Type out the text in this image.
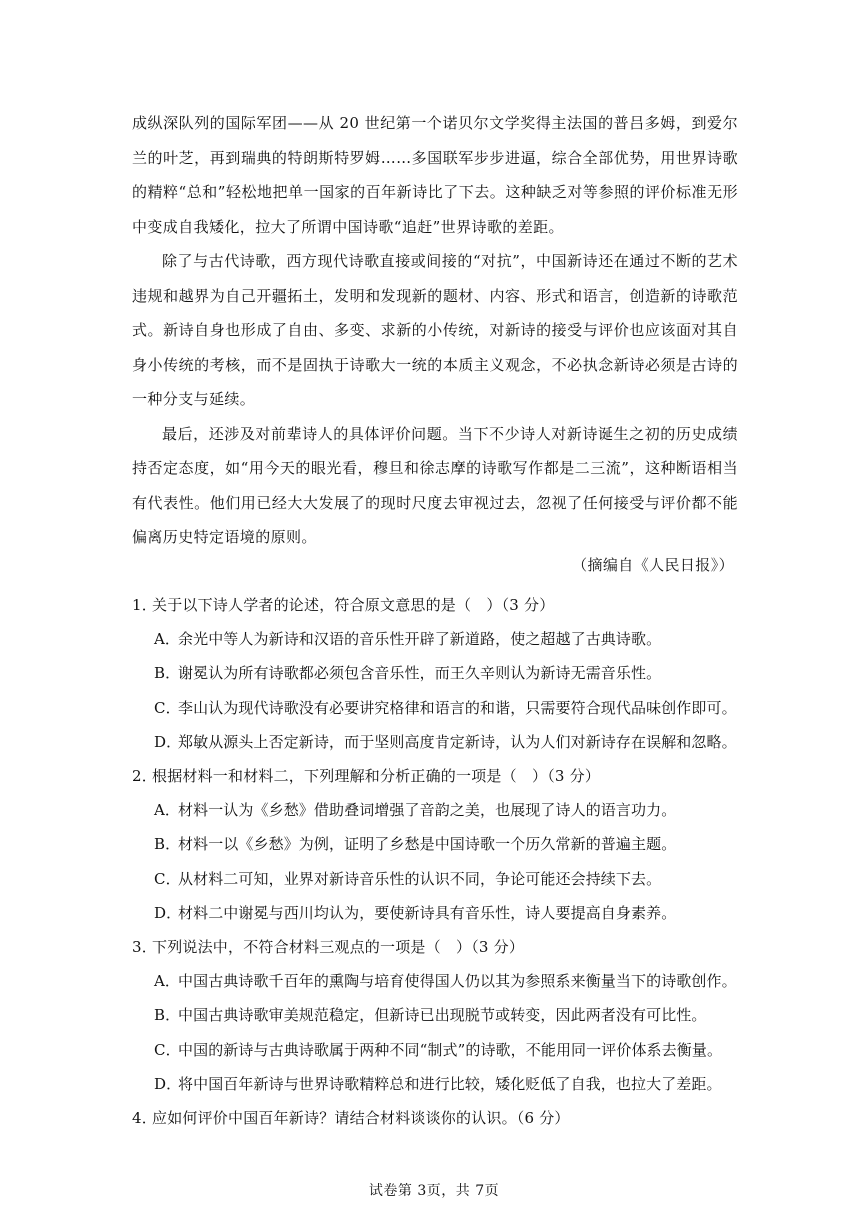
成纵深队列的国际军团——从 20 世纪第一个诺贝尔文学奖得主法国的普吕多姆，到爱尔兰的叶芝，再到瑞典的特朗斯特罗姆……多国联军步步进逼，综合全部优势，用世界诗歌的精粹“总和”轻松地把单一国家的百年新诗比了下去。这种缺乏对等参照的评价标准无形中变成自我矮化，拉大了所谓中国诗歌“追赶”世界诗歌的差距。

除了与古代诗歌，西方现代诗歌直接或间接的“对抗”，中国新诗还在通过不断的艺术违规和越界为自己开疆拓土，发明和发现新的题材、内容、形式和语言，创造新的诗歌范式。新诗自身也形成了自由、多变、求新的小传统，对新诗的接受与评价也应该面对其自身小传统的考核，而不是固执于诗歌大一统的本质主义观念，不必执念新诗必须是古诗的一种分支与延续。

最后，还涉及对前辈诗人的具体评价问题。当下不少诗人对新诗诞生之初的历史成绩持否定态度，如“用今天的眼光看，穆旦和徐志摩的诗歌写作都是二三流”，这种断语相当有代表性。他们用已经大大发展了的现时尺度去审视过去，忽视了任何接受与评价都不能偏离历史特定语境的原则。

（摘编自《人民日报》）

1．关于以下诗人学者的论述，符合原文意思的是（　）（3 分）

A．余光中等人为新诗和汉语的音乐性开辟了新道路，使之超越了古典诗歌。

B．谢冕认为所有诗歌都必须包含音乐性，而王久辛则认为新诗无需音乐性。

C．李山认为现代诗歌没有必要讲究格律和语言的和谐，只需要符合现代品味创作即可。

D．郑敏从源头上否定新诗，而于坚则高度肯定新诗，认为人们对新诗存在误解和忽略。

2．根据材料一和材料二，下列理解和分析正确的一项是（　）（3 分）

A．材料一认为《乡愁》借助叠词增强了音韵之美，也展现了诗人的语言功力。

B．材料一以《乡愁》为例，证明了乡愁是中国诗歌一个历久常新的普遍主题。

C．从材料二可知，业界对新诗音乐性的认识不同，争论可能还会持续下去。

D．材料二中谢冕与西川均认为，要使新诗具有音乐性，诗人要提高自身素养。

3．下列说法中，不符合材料三观点的一项是（　）（3 分）

A．中国古典诗歌千百年的熏陶与培育使得国人仍以其为参照系来衡量当下的诗歌创作。

B．中国古典诗歌审美规范稳定，但新诗已出现脱节或转变，因此两者没有可比性。

C．中国的新诗与古典诗歌属于两种不同“制式”的诗歌，不能用同一评价体系去衡量。

D．将中国百年新诗与世界诗歌精粹总和进行比较，矮化贬低了自我，也拉大了差距。

4．应如何评价中国百年新诗？请结合材料谈谈你的认识。（6 分）

试卷第 3页，共 7页
